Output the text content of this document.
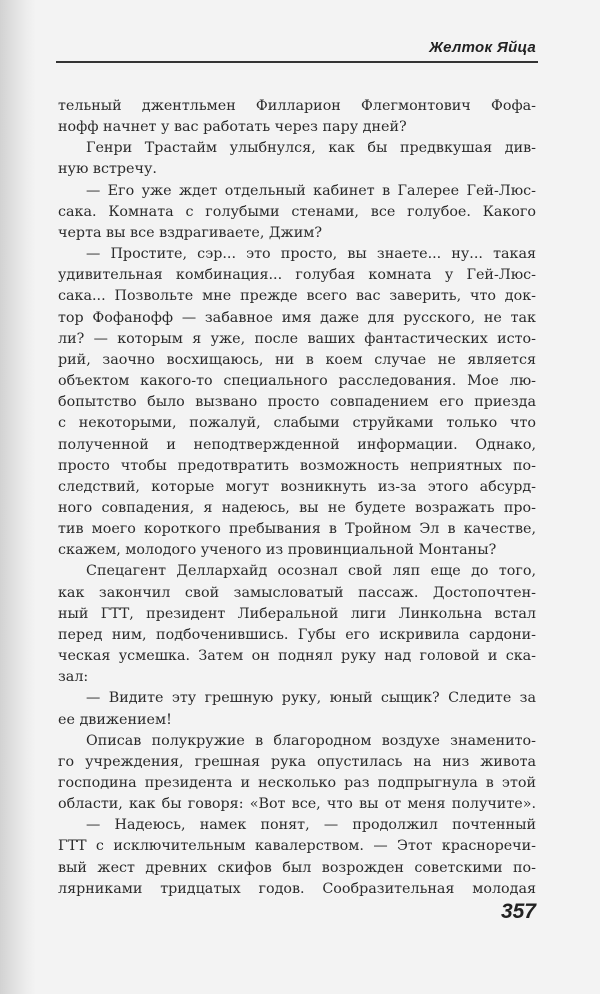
Желток Яйца
тельный джентльмен Филларион Флегмонтович Фофа-
нофф начнет у вас работать через пару дней?
Генри Трастайм улыбнулся, как бы предвкушая див-
ную встречу.
— Его уже ждет отдельный кабинет в Галерее Гей-Люс-
сака. Комната с голубыми стенами, все голубое. Какого
черта вы все вздрагиваете, Джим?
— Простите, сэр... это просто, вы знаете... ну... такая
удивительная комбинация... голубая комната у Гей-Люс-
сака... Позвольте мне прежде всего вас заверить, что док-
тор Фофанофф — забавное имя даже для русского, не так
ли? — которым я уже, после ваших фантастических исто-
рий, заочно восхищаюсь, ни в коем случае не является
объектом какого-то специального расследования. Мое лю-
бопытство было вызвано просто совпадением его приезда
с некоторыми, пожалуй, слабыми струйками только что
полученной и неподтвержденной информации. Однако,
просто чтобы предотвратить возможность неприятных по-
следствий, которые могут возникнуть из-за этого абсурд-
ного совпадения, я надеюсь, вы не будете возражать про-
тив моего короткого пребывания в Тройном Эл в качестве,
скажем, молодого ученого из провинциальной Монтаны?
Спецагент Деллархайд осознал свой ляп еще до того,
как закончил свой замысловатый пассаж. Достопочтен-
ный ГТТ, президент Либеральной лиги Линкольна встал
перед ним, подбоченившись. Губы его искривила сардони-
ческая усмешка. Затем он поднял руку над головой и ска-
зал:
— Видите эту грешную руку, юный сыщик? Следите за
ее движением!
Описав полукружие в благородном воздухе знаменито-
го учреждения, грешная рука опустилась на низ живота
господина президента и несколько раз подпрыгнула в этой
области, как бы говоря: «Вот все, что вы от меня получите».
— Надеюсь, намек понят, — продолжил почтенный
ГТТ с исключительным кавалерством. — Этот красноречи-
вый жест древних скифов был возрожден советскими по-
лярниками тридцатых годов. Сообразительная молодая
357
